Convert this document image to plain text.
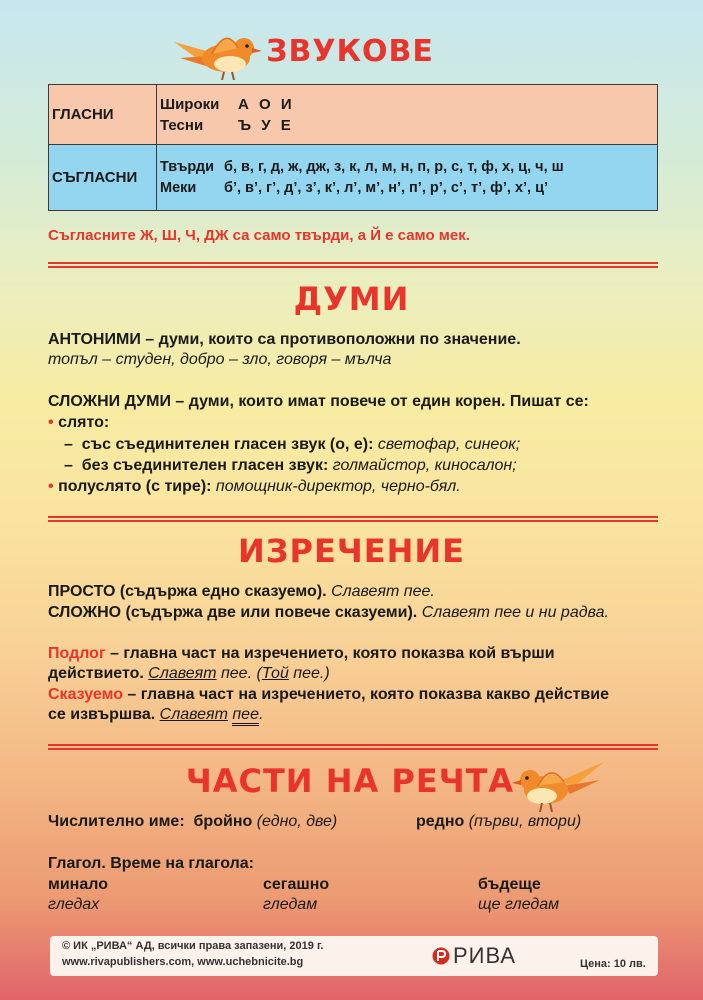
ЗВУКОВЕ
ГЛАСНИ	Широки А О И
Тесни Ъ У Е

СЪГЛАСНИ	Твърди б, в, г, д, ж, дж, з, к, л, м, н, п, р, с, т, ф, х, ц, ч, ш
Меки б’, в’, г’, д’, з’, к’, л’, м’, н’, п’, р’, с’, т’, ф’, х’, ц’
Съгласните Ж, Ш, Ч, ДЖ са само твърди, а Й е само мек.
ДУМИ
АНТОНИМИ – думи, които са противоположни по значение.
топъл – студен, добро – зло, говоря – мълча
СЛОЖНИ ДУМИ – думи, които имат повече от един корен. Пишат се:
• слято:
–  със съединителен гласен звук (о, е): светофар, синеок;
–  без съединителен гласен звук: голмайстор, киносалон;
• полуслято (с тире): помощник-директор, черно-бял.
ИЗРЕЧЕНИЕ
ПРОСТО (съдържа едно сказуемо). Славеят пее.
СЛОЖНО (съдържа две или повече сказуеми). Славеят пее и ни радва.
Подлог – главна част на изречението, която показва кой върши
действието. Славеят пее. (Той пее.)
Сказуемо – главна част на изречението, която показва какво действие
се извършва. Славеят пее.
ЧАСТИ НА РЕЧТА
Числително име: бройно (едно, две)	редно (първи, втори)
Глагол. Време на глагола:
минало	сегашно	бъдеще
гледах	гледам	ще гледам
© ИК „РИВА“ АД, всички права запазени, 2019 г.
www.rivapublishers.com, www.uchebnicite.bg	РИВА	Цена: 10 лв.
